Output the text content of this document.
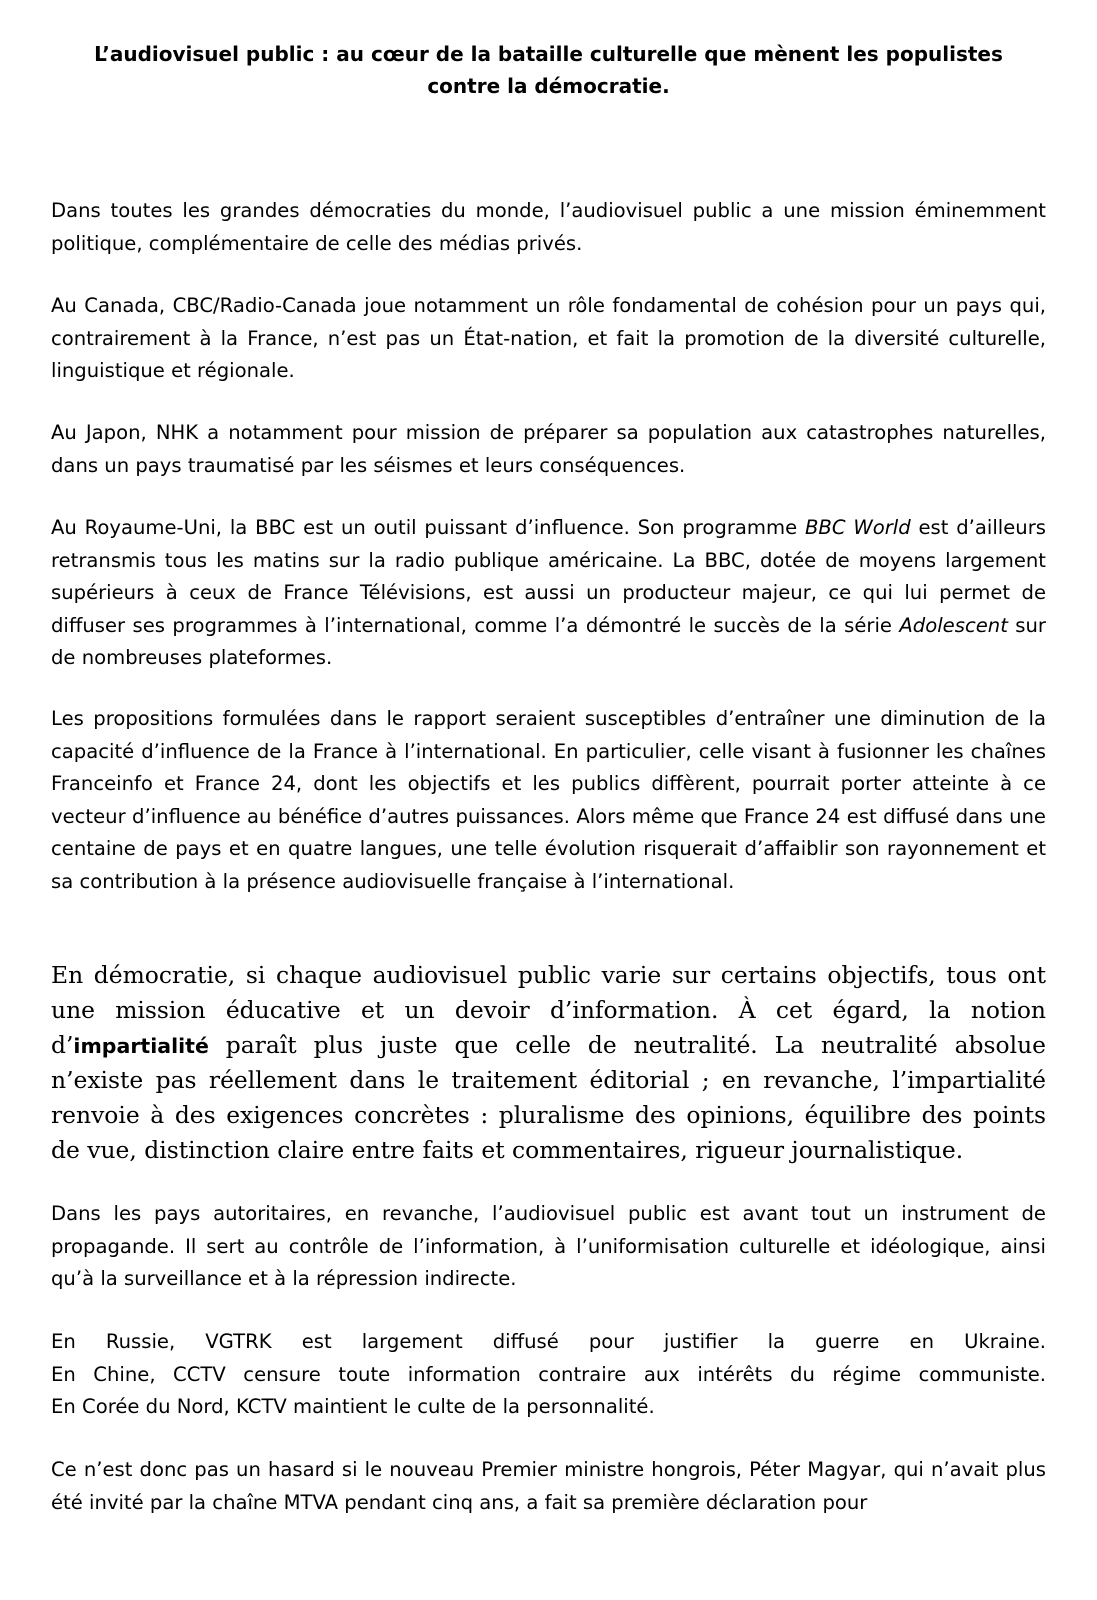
L’audiovisuel public : au cœur de la bataille culturelle que mènent les populistes contre la démocratie.

Dans toutes les grandes démocraties du monde, l’audiovisuel public a une mission éminemment politique, complémentaire de celle des médias privés.

Au Canada, CBC/Radio-Canada joue notamment un rôle fondamental de cohésion pour un pays qui, contrairement à la France, n’est pas un État-nation, et fait la promotion de la diversité culturelle, linguistique et régionale.

Au Japon, NHK a notamment pour mission de préparer sa population aux catastrophes naturelles, dans un pays traumatisé par les séismes et leurs conséquences.

Au Royaume-Uni, la BBC est un outil puissant d’influence. Son programme BBC World est d’ailleurs retransmis tous les matins sur la radio publique américaine. La BBC, dotée de moyens largement supérieurs à ceux de France Télévisions, est aussi un producteur majeur, ce qui lui permet de diffuser ses programmes à l’international, comme l’a démontré le succès de la série Adolescent sur de nombreuses plateformes.

Les propositions formulées dans le rapport seraient susceptibles d’entraîner une diminution de la capacité d’influence de la France à l’international. En particulier, celle visant à fusionner les chaînes Franceinfo et France 24, dont les objectifs et les publics diffèrent, pourrait porter atteinte à ce vecteur d’influence au bénéfice d’autres puissances. Alors même que France 24 est diffusé dans une centaine de pays et en quatre langues, une telle évolution risquerait d’affaiblir son rayonnement et sa contribution à la présence audiovisuelle française à l’international.

En démocratie, si chaque audiovisuel public varie sur certains objectifs, tous ont une mission éducative et un devoir d’information. À cet égard, la notion d’impartialité paraît plus juste que celle de neutralité. La neutralité absolue n’existe pas réellement dans le traitement éditorial ; en revanche, l’impartialité renvoie à des exigences concrètes : pluralisme des opinions, équilibre des points de vue, distinction claire entre faits et commentaires, rigueur journalistique.

Dans les pays autoritaires, en revanche, l’audiovisuel public est avant tout un instrument de propagande. Il sert au contrôle de l’information, à l’uniformisation culturelle et idéologique, ainsi qu’à la surveillance et à la répression indirecte.

En Russie, VGTRK est largement diffusé pour justifier la guerre en Ukraine.
En Chine, CCTV censure toute information contraire aux intérêts du régime communiste.
En Corée du Nord, KCTV maintient le culte de la personnalité.

Ce n’est donc pas un hasard si le nouveau Premier ministre hongrois, Péter Magyar, qui n’avait plus été invité par la chaîne MTVA pendant cinq ans, a fait sa première déclaration pour
